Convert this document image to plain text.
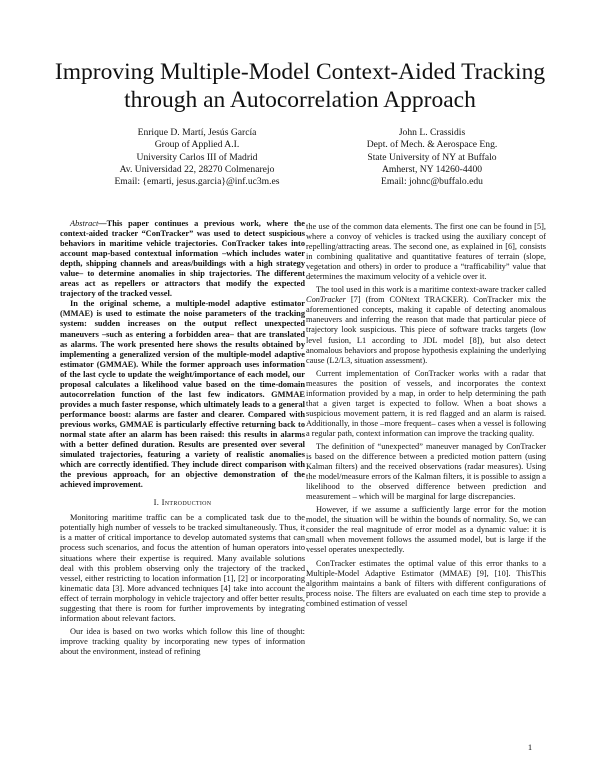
Improving Multiple-Model Context-Aided Tracking
through an Autocorrelation Approach
Enrique D. Martí, Jesús García
Group of Applied A.I.
University Carlos III of Madrid
Av. Universidad 22, 28270 Colmenarejo
Email: {emarti, jesus.garcia}@inf.uc3m.es
John L. Crassidis
Dept. of Mech. & Aerospace Eng.
State University of NY at Buffalo
Amherst, NY 14260-4400
Email: johnc@buffalo.edu

Abstract—This paper continues a previous work, where the context-aided tracker “ConTracker” was used to detect suspicious behaviors in maritime vehicle trajectories. ConTracker takes into account map-based contextual information –which includes water depth, shipping channels and areas/buildings with a high strategy value– to determine anomalies in ship trajectories. The different areas act as repellers or attractors that modify the expected trajectory of the tracked vessel.

In the original scheme, a multiple-model adaptive estimator (MMAE) is used to estimate the noise parameters of the tracking system: sudden increases on the output reflect unexpected maneuvers –such as entering a forbidden area– that are translated as alarms. The work presented here shows the results obtained by implementing a generalized version of the multiple-model adaptive estimator (GMMAE). While the former approach uses information of the last cycle to update the weight/importance of each model, our proposal calculates a likelihood value based on the time-domain autocorrelation function of the last few indicators. GMMAE provides a much faster response, which ultimately leads to a general performance boost: alarms are faster and clearer. Compared with previous works, GMMAE is particularly effective returning back to normal state after an alarm has been raised: this results in alarms with a better defined duration. Results are presented over several simulated trajectories, featuring a variety of realistic anomalies which are correctly identified. They include direct comparison with the previous approach, for an objective demonstration of the achieved improvement.

I. Introduction

Monitoring maritime traffic can be a complicated task due to the potentially high number of vessels to be tracked simultaneously. Thus, it is a matter of critical importance to develop automated systems that can process such scenarios, and focus the attention of human operators into situations where their expertise is required. Many available solutions deal with this problem observing only the trajectory of the tracked vessel, either restricting to location information [1], [2] or incorporating kinematic data [3]. More advanced techniques [4] take into account the effect of terrain morphology in vehicle trajectory and offer better results, suggesting that there is room for further improvements by integrating information about relevant factors.

Our idea is based on two works which follow this line of thought: improve tracking quality by incorporating new types of information about the environment, instead of refining

the use of the common data elements. The first one can be found in [5], where a convoy of vehicles is tracked using the auxiliary concept of repelling/attracting areas. The second one, as explained in [6], consists in combining qualitative and quantitative features of terrain (slope, vegetation and others) in order to produce a “trafficability” value that determines the maximum velocity of a vehicle over it.

The tool used in this work is a maritime context-aware tracker called ConTracker [7] (from CONtext TRACKER). ConTracker mix the aforementioned concepts, making it capable of detecting anomalous maneuvers and inferring the reason that made that particular piece of trajectory look suspicious. This piece of software tracks targets (low level fusion, L1 according to JDL model [8]), but also detect anomalous behaviors and propose hypothesis explaining the underlying cause (L2/L3, situation assessment).

Current implementation of ConTracker works with a radar that measures the position of vessels, and incorporates the context information provided by a map, in order to help determining the path that a given target is expected to follow. When a boat shows a suspicious movement pattern, it is red flagged and an alarm is raised. Additionally, in those –more frequent– cases when a vessel is following a regular path, context information can improve the tracking quality.

The definition of “unexpected” maneuver managed by ConTracker is based on the difference between a predicted motion pattern (using Kalman filters) and the received observations (radar measures). Using the model/measure errors of the Kalman filters, it is possible to assign a likelihood to the observed difference between prediction and measurement – which will be marginal for large discrepancies.

However, if we assume a sufficiently large error for the motion model, the situation will be within the bounds of normality. So, we can consider the real magnitude of error model as a dynamic value: it is small when movement follows the assumed model, but is large if the vessel operates unexpectedly.

ConTracker estimates the optimal value of this error thanks to a Multiple-Model Adaptive Estimator (MMAE) [9], [10]. ThisThis algorithm maintains a bank of filters with different configurations of process noise. The filters are evaluated on each time step to provide a combined estimation of vessel

1
